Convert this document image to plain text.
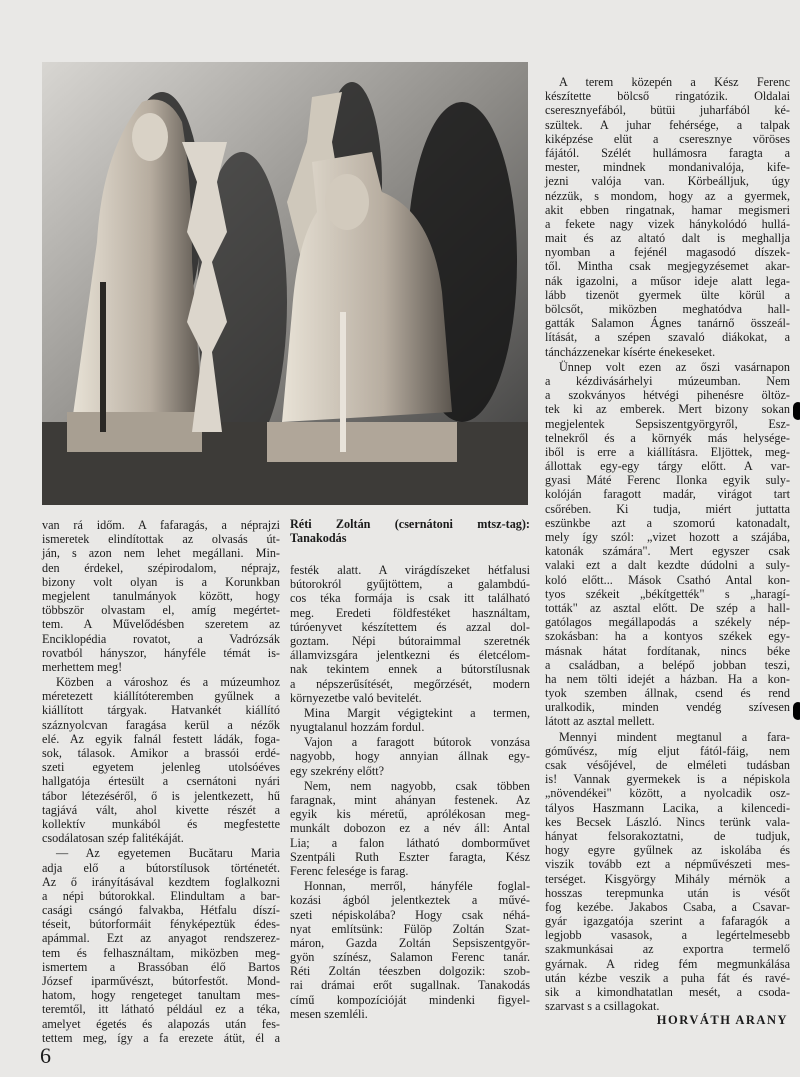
Réti Zoltán (csernátoni mtsz-tag):
Tanakodás
van rá időm. A fafaragás, a néprajzi
ismeretek elindítottak az olvasás út-
ján, s azon nem lehet megállani. Min-
den érdekel, szépirodalom, néprajz,
bizony volt olyan is a Korunkban
megjelent tanulmányok között, hogy
többször olvastam el, amíg megértet-
tem. A Művelődésben szeretem az
Enciklopédia rovatot, a Vadrózsák
rovatból hányszor, hányféle témát is-
merhettem meg!
Közben a városhoz és a múzeumhoz
méretezett kiállítóteremben gyűlnek a
kiállított tárgyak. Hatvankét kiállító
száznyolcvan faragása kerül a nézők
elé. Az egyik falnál festett ládák, foga-
sok, tálasok. Amikor a brassói erdé-
szeti egyetem jelenleg utolsóéves
hallgatója értesült a csernátoni nyári
tábor létezéséről, ő is jelentkezett, hű
tagjává vált, ahol kivette részét a
kollektív munkából és megfestette
csodálatosan szép falitékáját.
— Az egyetemen Bucătaru Maria
adja elő a bútorstílusok történetét.
Az ő irányításával kezdtem foglalkozni
a népi bútorokkal. Elindultam a bar-
casági csángó falvakba, Hétfalu díszí-
téseit, bútorformáit fényképeztük édes-
apámmal. Ezt az anyagot rendszerez-
tem és felhasználtam, miközben meg-
ismertem a Brassóban élő Bartos
József iparművészt, bútorfestőt. Mond-
hatom, hogy rengeteget tanultam mes-
teremtől, itt látható például ez a téka,
amelyet égetés és alapozás után fes-
tettem meg, így a fa erezete átüt, él a
festék alatt. A virágdíszeket hétfalusi
bútorokról gyűjtöttem, a galambdú-
cos téka formája is csak itt található
meg. Eredeti földfestéket használtam,
túróenyvet készítettem és azzal dol-
goztam. Népi bútoraimmal szeretnék
államvizsgára jelentkezni és életcélom-
nak tekintem ennek a bútorstílusnak
a népszerűsítését, megőrzését, modern
környezetbe való bevitelét.
Mina Margit végigtekint a termen,
nyugtalanul hozzám fordul.
Vajon a faragott bútorok vonzása
nagyobb, hogy annyian állnak egy-
egy szekrény előtt?
Nem, nem nagyobb, csak többen
faragnak, mint ahányan festenek. Az
egyik kis méretű, aprólékosan meg-
munkált dobozon ez a név áll: Antal
Lia; a falon látható domborművet
Szentpáli Ruth Eszter faragta, Kész
Ferenc felesége is farag.
Honnan, merről, hányféle foglal-
kozási ágból jelentkeztek a művé-
szeti népiskolába? Hogy csak néhá-
nyat említsünk: Fülöp Zoltán Szat-
máron, Gazda Zoltán Sepsiszentgyör-
gyön színész, Salamon Ferenc tanár.
Réti Zoltán téeszben dolgozik: szob-
rai drámai erőt sugallnak. Tanakodás
című kompozícióját mindenki figyel-
mesen szemléli.
A terem közepén a Kész Ferenc
készítette bölcső ringatózik. Oldalai
cseresznyefából, bütüi juharfából ké-
szültek. A juhar fehérsége, a talpak
kiképzése elüt a cseresznye vöröses
fájától. Szélét hullámosra faragta a
mester, mindnek mondanivalója, kife-
jezni valója van. Körbeálljuk, úgy
nézzük, s mondom, hogy az a gyermek,
akit ebben ringatnak, hamar megismeri
a fekete nagy vizek hánykolódó hullá-
mait és az altató dalt is meghallja
nyomban a fejénél magasodó díszek-
től. Mintha csak megjegyzésemet akar-
nák igazolni, a műsor ideje alatt lega-
lább tizenöt gyermek ülte körül a
bölcsőt, miközben meghatódva hall-
gatták Salamon Ágnes tanárnő összeál-
lítását, a szépen szavaló diákokat, a
táncházzenekar kísérte énekeseket.
Ünnep volt ezen az őszi vasárnapon
a kézdivásárhelyi múzeumban. Nem
a szokványos hétvégi pihenésre öltöz-
tek ki az emberek. Mert bizony sokan
megjelentek Sepsiszentgyörgyről, Esz-
telnekről és a környék más helysége-
iből is erre a kiállításra. Eljöttek, meg-
állottak egy-egy tárgy előtt. A var-
gyasi Máté Ferenc Ilonka egyik suly-
kolóján faragott madár, virágot tart
csőrében. Ki tudja, miért juttatta
eszünkbe azt a szomorú katonadalt,
mely így szól: „vizet hozott a szájába,
katonák számára". Mert egyszer csak
valaki ezt a dalt kezdte dúdolni a suly-
koló előtt... Mások Csathó Antal kon-
tyos székeit „békítgették" s „haragí-
tották" az asztal előtt. De szép a hall-
gatólagos megállapodás a székely nép-
szokásban: ha a kontyos székek egy-
másnak hátat fordítanak, nincs béke
a családban, a belépő jobban teszi,
ha nem tölti idejét a házban. Ha a kon-
tyok szemben állnak, csend és rend
uralkodik, minden vendég szívesen
látott az asztal mellett.
Mennyi mindent megtanul a fara-
góművész, míg eljut fától-fáig, nem
csak vésőjével, de elméleti tudásban
is! Vannak gyermekek is a népiskola
„növendékei" között, a nyolcadik osz-
tályos Haszmann Lacika, a kilencedi-
kes Becsek László. Nincs terünk vala-
hányat felsorakoztatni, de tudjuk,
hogy egyre gyűlnek az iskolába és
viszik tovább ezt a népművészeti mes-
terséget. Kisgyörgy Mihály mérnök a
hosszas terepmunka után is vésőt
fog kezébe. Jakabos Csaba, a Csavar-
gyár igazgatója szerint a fafaragók a
legjobb vasasok, a legértelmesebb
szakmunkásai az exportra termelő
gyárnak. A rideg fém megmunkálása
után kézbe veszik a puha fát és ravé-
sik a kimondhatatlan mesét, a csoda-
szarvast s a csillagokat.
HORVÁTH ARANY
6
